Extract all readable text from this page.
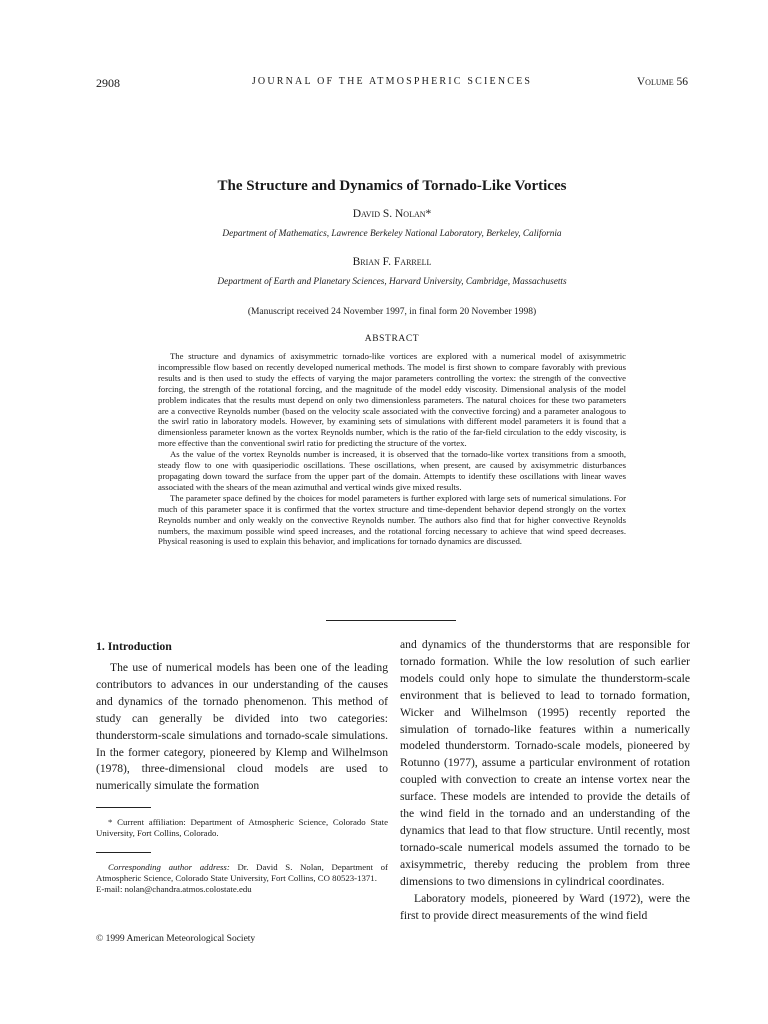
2908	JOURNAL OF THE ATMOSPHERIC SCIENCES	Volume 56
The Structure and Dynamics of Tornado-Like Vortices
David S. Nolan*
Department of Mathematics, Lawrence Berkeley National Laboratory, Berkeley, California
Brian F. Farrell
Department of Earth and Planetary Sciences, Harvard University, Cambridge, Massachusetts
(Manuscript received 24 November 1997, in final form 20 November 1998)
ABSTRACT

The structure and dynamics of axisymmetric tornado-like vortices are explored with a numerical model of axisymmetric incompressible flow based on recently developed numerical methods. The model is first shown to compare favorably with previous results and is then used to study the effects of varying the major parameters controlling the vortex: the strength of the convective forcing, the strength of the rotational forcing, and the magnitude of the model eddy viscosity. Dimensional analysis of the model problem indicates that the results must depend on only two dimensionless parameters. The natural choices for these two parameters are a convective Reynolds number (based on the velocity scale associated with the convective forcing) and a parameter analogous to the swirl ratio in laboratory models. However, by examining sets of simulations with different model parameters it is found that a dimensionless parameter known as the vortex Reynolds number, which is the ratio of the far-field circulation to the eddy viscosity, is more effective than the conventional swirl ratio for predicting the structure of the vortex.

As the value of the vortex Reynolds number is increased, it is observed that the tornado-like vortex transitions from a smooth, steady flow to one with quasiperiodic oscillations. These oscillations, when present, are caused by axisymmetric disturbances propagating down toward the surface from the upper part of the domain. Attempts to identify these oscillations with linear waves associated with the shears of the mean azimuthal and vertical winds give mixed results.

The parameter space defined by the choices for model parameters is further explored with large sets of numerical simulations. For much of this parameter space it is confirmed that the vortex structure and time-dependent behavior depend strongly on the vortex Reynolds number and only weakly on the convective Reynolds number. The authors also find that for higher convective Reynolds numbers, the maximum possible wind speed increases, and the rotational forcing necessary to achieve that wind speed decreases. Physical reasoning is used to explain this behavior, and implications for tornado dynamics are discussed.

1. Introduction

The use of numerical models has been one of the leading contributors to advances in our understanding of the causes and dynamics of the tornado phenomenon. This method of study can generally be divided into two categories: thunderstorm-scale simulations and tornado-scale simulations. In the former category, pioneered by Klemp and Wilhelmson (1978), three-dimensional cloud models are used to numerically simulate the formation

* Current affiliation: Department of Atmospheric Science, Colorado State University, Fort Collins, Colorado.

Corresponding author address: Dr. David S. Nolan, Department of Atmospheric Science, Colorado State University, Fort Collins, CO 80523-1371.

E-mail: nolan@chandra.atmos.colostate.edu

and dynamics of the thunderstorms that are responsible for tornado formation. While the low resolution of such earlier models could only hope to simulate the thunderstorm-scale environment that is believed to lead to tornado formation, Wicker and Wilhelmson (1995) recently reported the simulation of tornado-like features within a numerically modeled thunderstorm. Tornado-scale models, pioneered by Rotunno (1977), assume a particular environment of rotation coupled with convection to create an intense vortex near the surface. These models are intended to provide the details of the wind field in the tornado and an understanding of the dynamics that lead to that flow structure. Until recently, most tornado-scale numerical models assumed the tornado to be axisymmetric, thereby reducing the problem from three dimensions to two dimensions in cylindrical coordinates.

Laboratory models, pioneered by Ward (1972), were the first to provide direct measurements of the wind field

© 1999 American Meteorological Society
